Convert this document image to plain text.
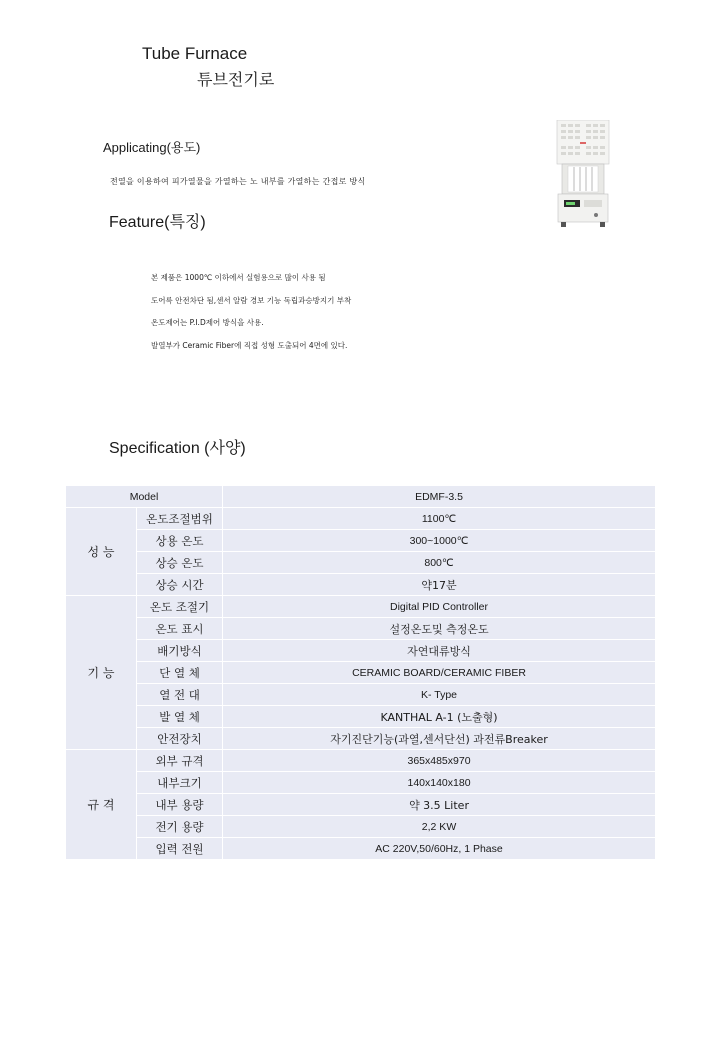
Tube Furnace
튜브전기로
Applicating(용도)
전열을 이용하여 피가열물을 가열하는 노 내부를 가열하는 간접로 방식
Feature(특징)
본 제품은 1000℃ 이하에서 실험용으로 많이 사용 됨
도어륵 안전차단 됨,센서 알람 경보 기능 독립과승방지기 부착
온도제어는 P.I.D제어 방식을 사용.
발열부가 Ceramic Fiber에 직접 성형 도출되어 4면에 있다.
Specification (사양)
Model		EDMF-3.5
성 능	온도조절범위	1100℃
	상용 온도	300~1000℃
	상승 온도	800℃
	상승 시간	약17분
기 능	온도 조절기	Digital PID Controller
	온도 표시	설정온도및 측정온도
	배기방식	자연대류방식
	단 열 체	CERAMIC BOARD/CERAMIC FIBER
	열 전 대	K- Type
	발 열 체	KANTHAL A-1 (노출형)
	안전장치	자기진단기능(과열,센서단선) 과전류Breaker
규 격	외부 규격	365x485x970
	내부크기	140x140x180
	내부 용량	약 3.5 Liter
	전기 용량	2,2 KW
	입력 전원	AC 220V,50/60Hz, 1 Phase
